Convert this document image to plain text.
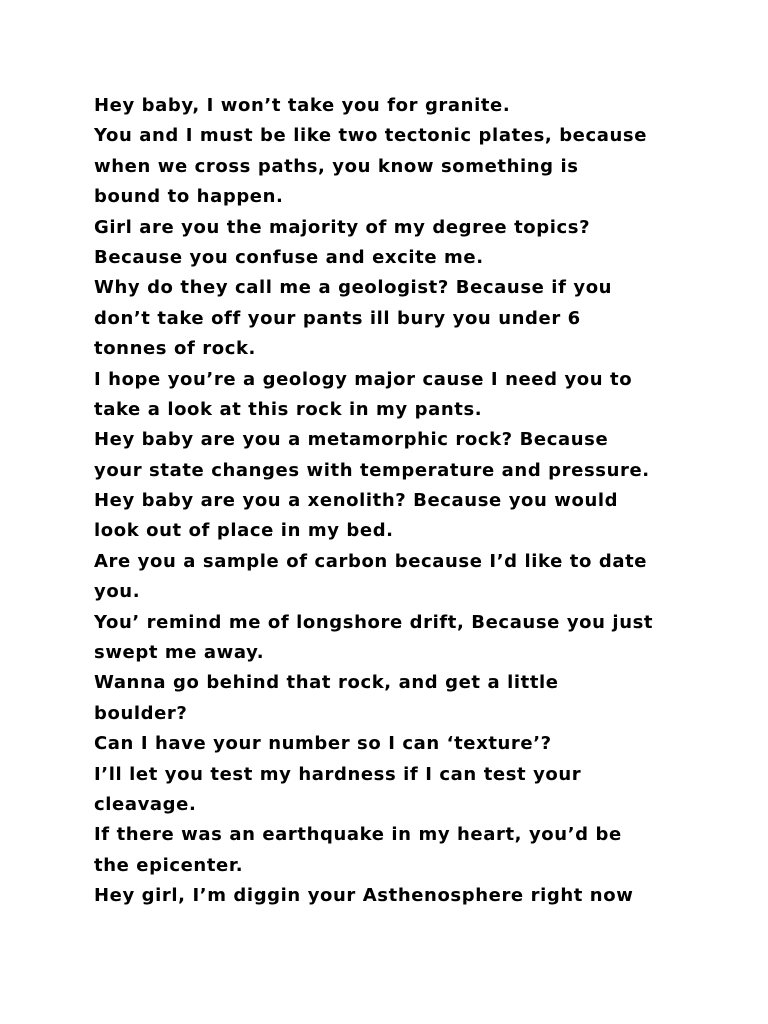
Hey baby, I won’t take you for granite.
You and I must be like two tectonic plates, because
when we cross paths, you know something is
bound to happen.
Girl are you the majority of my degree topics?
Because you confuse and excite me.
Why do they call me a geologist? Because if you
don’t take off your pants ill bury you under 6
tonnes of rock.
I hope you’re a geology major cause I need you to
take a look at this rock in my pants.
Hey baby are you a metamorphic rock? Because
your state changes with temperature and pressure.
Hey baby are you a xenolith? Because you would
look out of place in my bed.
Are you a sample of carbon because I’d like to date
you.
You’ remind me of longshore drift, Because you just
swept me away.
Wanna go behind that rock, and get a little
boulder?
Can I have your number so I can ‘texture’?
I’ll let you test my hardness if I can test your
cleavage.
If there was an earthquake in my heart, you’d be
the epicenter.
Hey girl, I’m diggin your Asthenosphere right now
